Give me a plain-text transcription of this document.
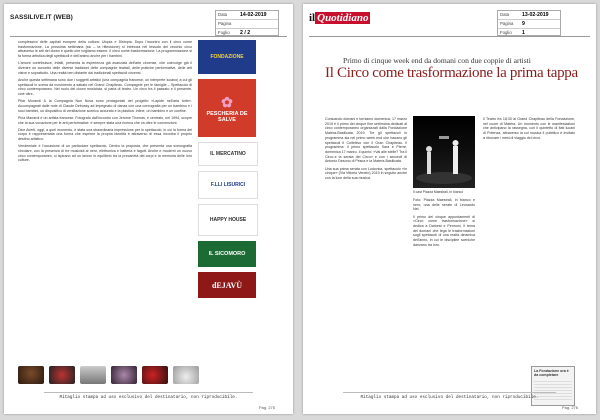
SASSILIVE.IT (WEB)	Data	14-02-2019
Pagina
Foglio	2 / 2

complessivo delle capitali europee della cultura: Utopia e Distopia. Dopo l'incontro con il circo come trasformazione. La prossima settimana (sic – la riflessione) si intreccia nel tessuto del vecchio circo attraverso le arti del clown e quello che vogliamo essere. Il circo come trasformazione. La programmazione si fa forma artistica degli spettacoli e dell'animo anche per i bambini.

L'amore contribuisce, infatti, presenta la esperienza già avanzata dell'arte circense, che coinvolge già il divenire un concetto delle diverse tradizioni delle compagnie teatrali, delle pratiche performative, delle arti visive e soprattutto. Una realtà ben distante dai tradizionali spettacoli circensi.

Anche questa settimana sono due i soggetti artistici (una compagnia francese, un interprete lucano) a cui gli spettacoli in scena dà movimento a sabato nel Grand Chapiteau. Compagnie per le famiglie – Spettacolo di circo contemporaneo. Nel ruolo del clown musicista, si parla di teatro. Un circo tra il passato e il presente, cioè oltre.

Pilar Morandi & la Compagnia Non Nova sono protagonisti del progetto «Lapide nell'aria forte». Accompagnati dalle note di Claude Debussy ad impegnato di danza con una coreografia per un bambino e i suoi bambini, un dispositivo di ventilazione scenico accurato e la plastica. Infine, un bambino e un confine.

Pina Manardi è un artista francese. Fotografo dall'incontro con Jerome Thomas, e centrato, nel 1994, scopre che la sua vocazione per le arti performative: è sempre stata una ricerca che va oltre le convenzioni.

Dice Averti, oggi, a quel momento, è stata una straordinaria impressione per lo spettacolo, in cui la forma del corpo è rappresentata una forma che esprime la propria identità e attraverso di essa incontra il proprio destino artistico.

Vendemiale è l'occasione di un particolare spettacolo. Dentro la proposta, che presenta una scenografia circolare, con la presenza di tre musicisti al nero, elettronica e batteria e fagott. Anche e moderni un nuovo circo contemporaneo, si ispirano ad un lavoro in equilibrio tra la precarietà dei corpi e la memoria delle loro culture.

FONDAZIONE
✿
PESCHERIA DE SALVE
IL MERCATINO
F.LLI LISURICI
HAPPY HOUSE
IL SICOMORO
dEJAVÙ
Ritaglio stampa ad uso esclusivo del destinatario, non riproducibile.
Pag. 275
il Quotidiano	Data	13-02-2019
Pagina	9
Foglio	1
Primo di cinque week end da domani con due coppie di artisti
Il Circo come trasformazione la prima tappa

Coniuando domani e torniamo domenica, 17 marzo 2019 è il primo dei cinque fine settimana dedicati al circo contemporaneo organizzati dalla Fondazione Matera-Basilicata 2019. Tre gli spettacoli in programma sia nel primo week end che basano gli spettacoli Il Collettivo con il Gran Chapiteau. Il programma: il primo spettacolo Sara e Pierre, domenica 17 marzo. Il quinto: «Vai alle stelle? Tra il Circo-e la serata del Circo» e con i secondi di Antonio Desono di Pesca e la Matera-Basilicata.

Una sua prima serata con Ludovica, spettacolo «In cinque» (Via Vittorio Veneto) 2019 in seguito anche con la luce della sua musica.

Il cast Piazza Maestrali, in bianco

Foto: Piazza Maestrali, in bianco e nero; una delle serate di Leonardo Nei.

Il primo dei cinque appuntamenti di «Circo come trasformazione» si dedica a Darkest e Pennoni, Il tema del domani che lega le trasformazioni sugli spettacoli di una realtà dinamica dell'anno, in cui le discipline sceniche danzano tra loro.

Il Teatro fra 18:30 al Grand Chapiteau della Fondazione, nel cuore di Matera. Un momento con le manifestazioni che anticipano la rassegna, con il quintetto di fiati lucani di Potenza, attraverso la cui musica il pubblico è invitato a ritrovare i mesi di viaggio del circo.

La Fondazione ora è da completare
Ritaglio stampa ad uso esclusivo del destinatario, non riproducibile.
Pag. 276
